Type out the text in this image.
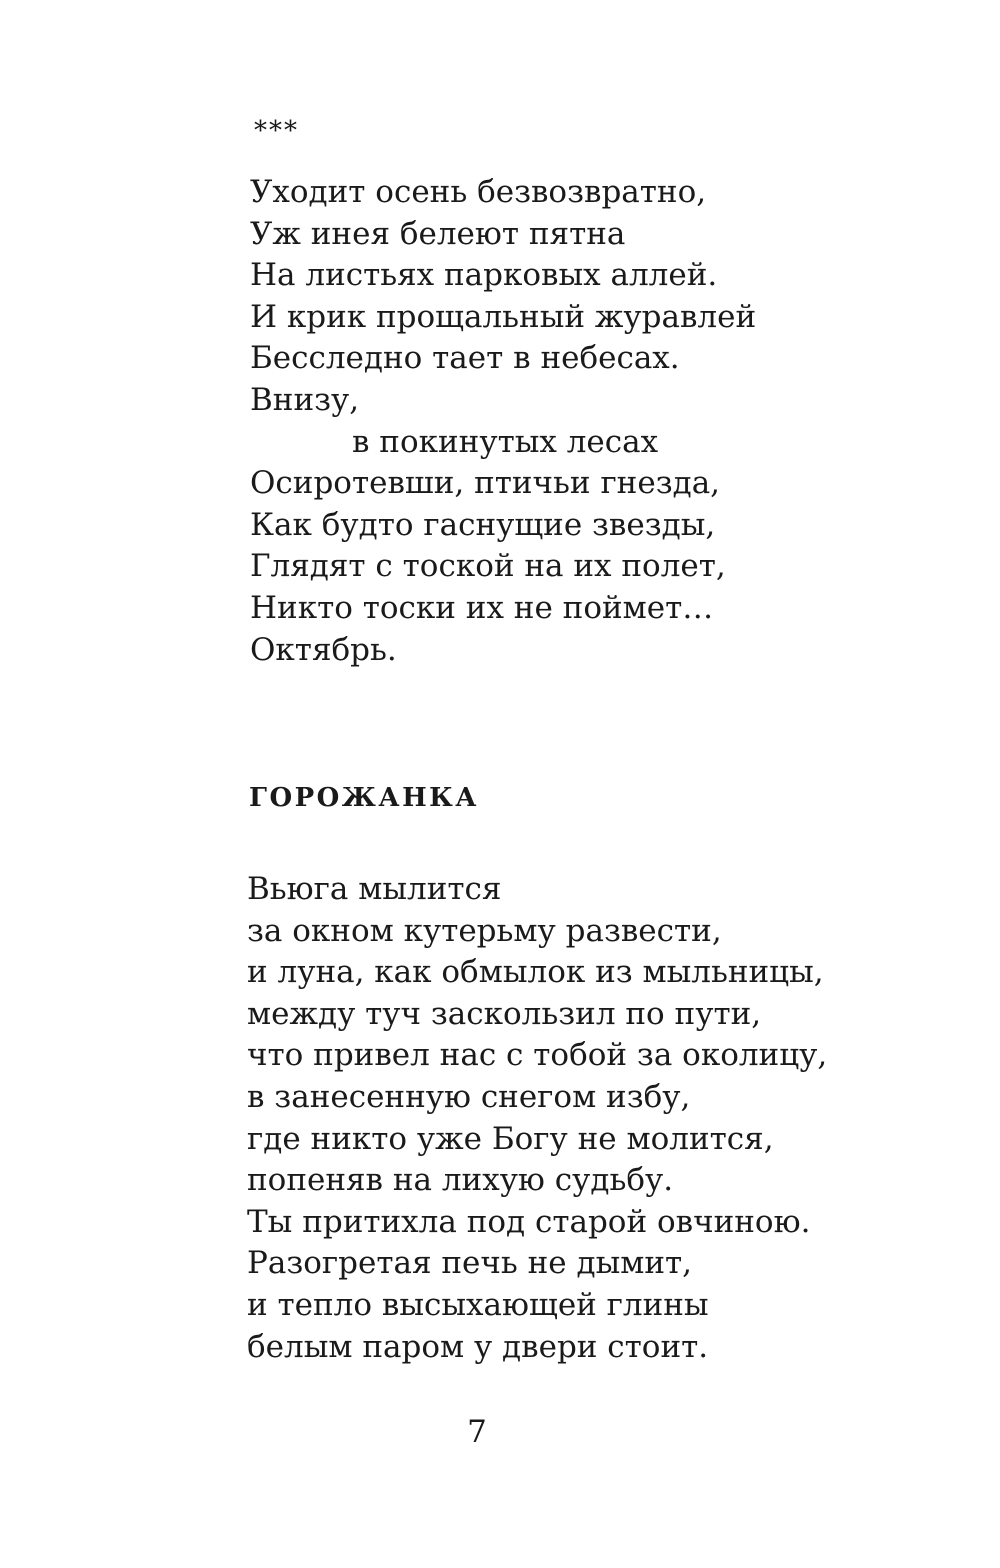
***
Уходит осень безвозвратно,
Уж инея белеют пятна
На листьях парковых аллей.
И крик прощальный журавлей
Бесследно тает в небесах.
Внизу,
в покинутых лесах
Осиротевши, птичьи гнезда,
Как будто гаснущие звезды,
Глядят с тоской на их полет,
Никто тоски их не поймет…
Октябрь.
ГОРОЖАНКА
Вьюга мылится
за окном кутерьму развести,
и луна, как обмылок из мыльницы,
между туч заскользил по пути,
что привел нас с тобой за околицу,
в занесенную снегом избу,
где никто уже Богу не молится,
попеняв на лихую судьбу.
Ты притихла под старой овчиною.
Разогретая печь не дымит,
и тепло высыхающей глины
белым паром у двери стоит.
7
